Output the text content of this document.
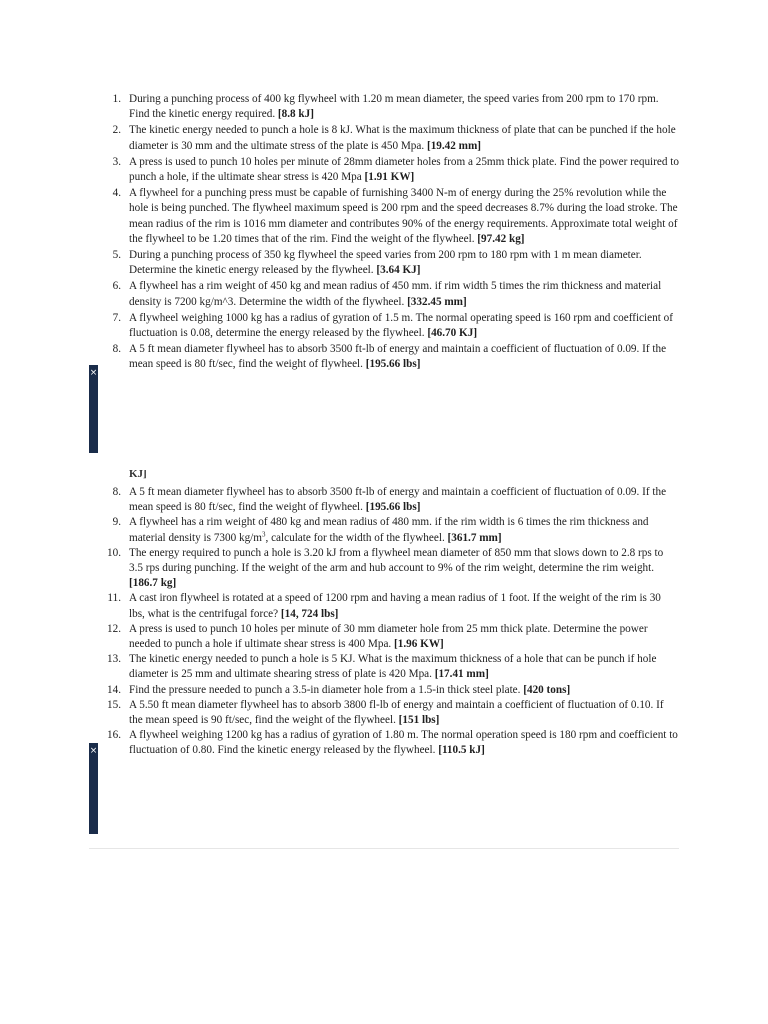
1. During a punching process of 400 kg flywheel with 1.20 m mean diameter, the speed varies from 200 rpm to 170 rpm. Find the kinetic energy required. [8.8 kJ]
2. The kinetic energy needed to punch a hole is 8 kJ. What is the maximum thickness of plate that can be punched if the hole diameter is 30 mm and the ultimate stress of the plate is 450 Mpa. [19.42 mm]
3. A press is used to punch 10 holes per minute of 28mm diameter holes from a 25mm thick plate. Find the power required to punch a hole, if the ultimate shear stress is 420 Mpa [1.91 KW]
4. A flywheel for a punching press must be capable of furnishing 3400 N-m of energy during the 25% revolution while the hole is being punched. The flywheel maximum speed is 200 rpm and the speed decreases 8.7% during the load stroke. The mean radius of the rim is 1016 mm diameter and contributes 90% of the energy requirements. Approximate total weight of the flywheel to be 1.20 times that of the rim. Find the weight of the flywheel. [97.42 kg]
5. During a punching process of 350 kg flywheel the speed varies from 200 rpm to 180 rpm with 1 m mean diameter. Determine the kinetic energy released by the flywheel. [3.64 KJ]
6. A flywheel has a rim weight of 450 kg and mean radius of 450 mm. if rim width 5 times the rim thickness and material density is 7200 kg/m^3. Determine the width of the flywheel. [332.45 mm]
7. A flywheel weighing 1000 kg has a radius of gyration of 1.5 m. The normal operating speed is 160 rpm and coefficient of fluctuation is 0.08, determine the energy released by the flywheel. [46.70 KJ]
8. A 5 ft mean diameter flywheel has to absorb 3500 ft-lb of energy and maintain a coefficient of fluctuation of 0.09. If the mean speed is 80 ft/sec, find the weight of flywheel. [195.66 lbs]
×
KJ]
8. A 5 ft mean diameter flywheel has to absorb 3500 ft-lb of energy and maintain a coefficient of fluctuation of 0.09. If the mean speed is 80 ft/sec, find the weight of flywheel. [195.66 lbs]
9. A flywheel has a rim weight of 480 kg and mean radius of 480 mm. if the rim width is 6 times the rim thickness and material density is 7300 $kg/m^3$, calculate for the width of the flywheel. [361.7 mm]
10. The energy required to punch a hole is 3.20 kJ from a flywheel mean diameter of 850 mm that slows down to 2.8 rps to 3.5 rps during punching. If the weight of the arm and hub account to 9% of the rim weight, determine the rim weight. [186.7 kg]
11. A cast iron flywheel is rotated at a speed of 1200 rpm and having a mean radius of 1 foot. If the weight of the rim is 30 lbs, what is the centrifugal force? [14, 724 lbs]
12. A press is used to punch 10 holes per minute of 30 mm diameter hole from 25 mm thick plate. Determine the power needed to punch a hole if ultimate shear stress is 400 Mpa. [1.96 KW]
13. The kinetic energy needed to punch a hole is 5 KJ. What is the maximum thickness of a hole that can be punch if hole diameter is 25 mm and ultimate shearing stress of plate is 420 Mpa. [17.41 mm]
14. Find the pressure needed to punch a 3.5-in diameter hole from a 1.5-in thick steel plate. [420 tons]
15. A 5.50 ft mean diameter flywheel has to absorb 3800 fl-lb of energy and maintain a coefficient of fluctuation of 0.10. If the mean speed is 90 ft/sec, find the weight of the flywheel. [151 lbs]
16. A flywheel weighing 1200 kg has a radius of gyration of 1.80 m. The normal operation speed is 180 rpm and coefficient to fluctuation of 0.80. Find the kinetic energy released by the flywheel. [110.5 kJ]
×
